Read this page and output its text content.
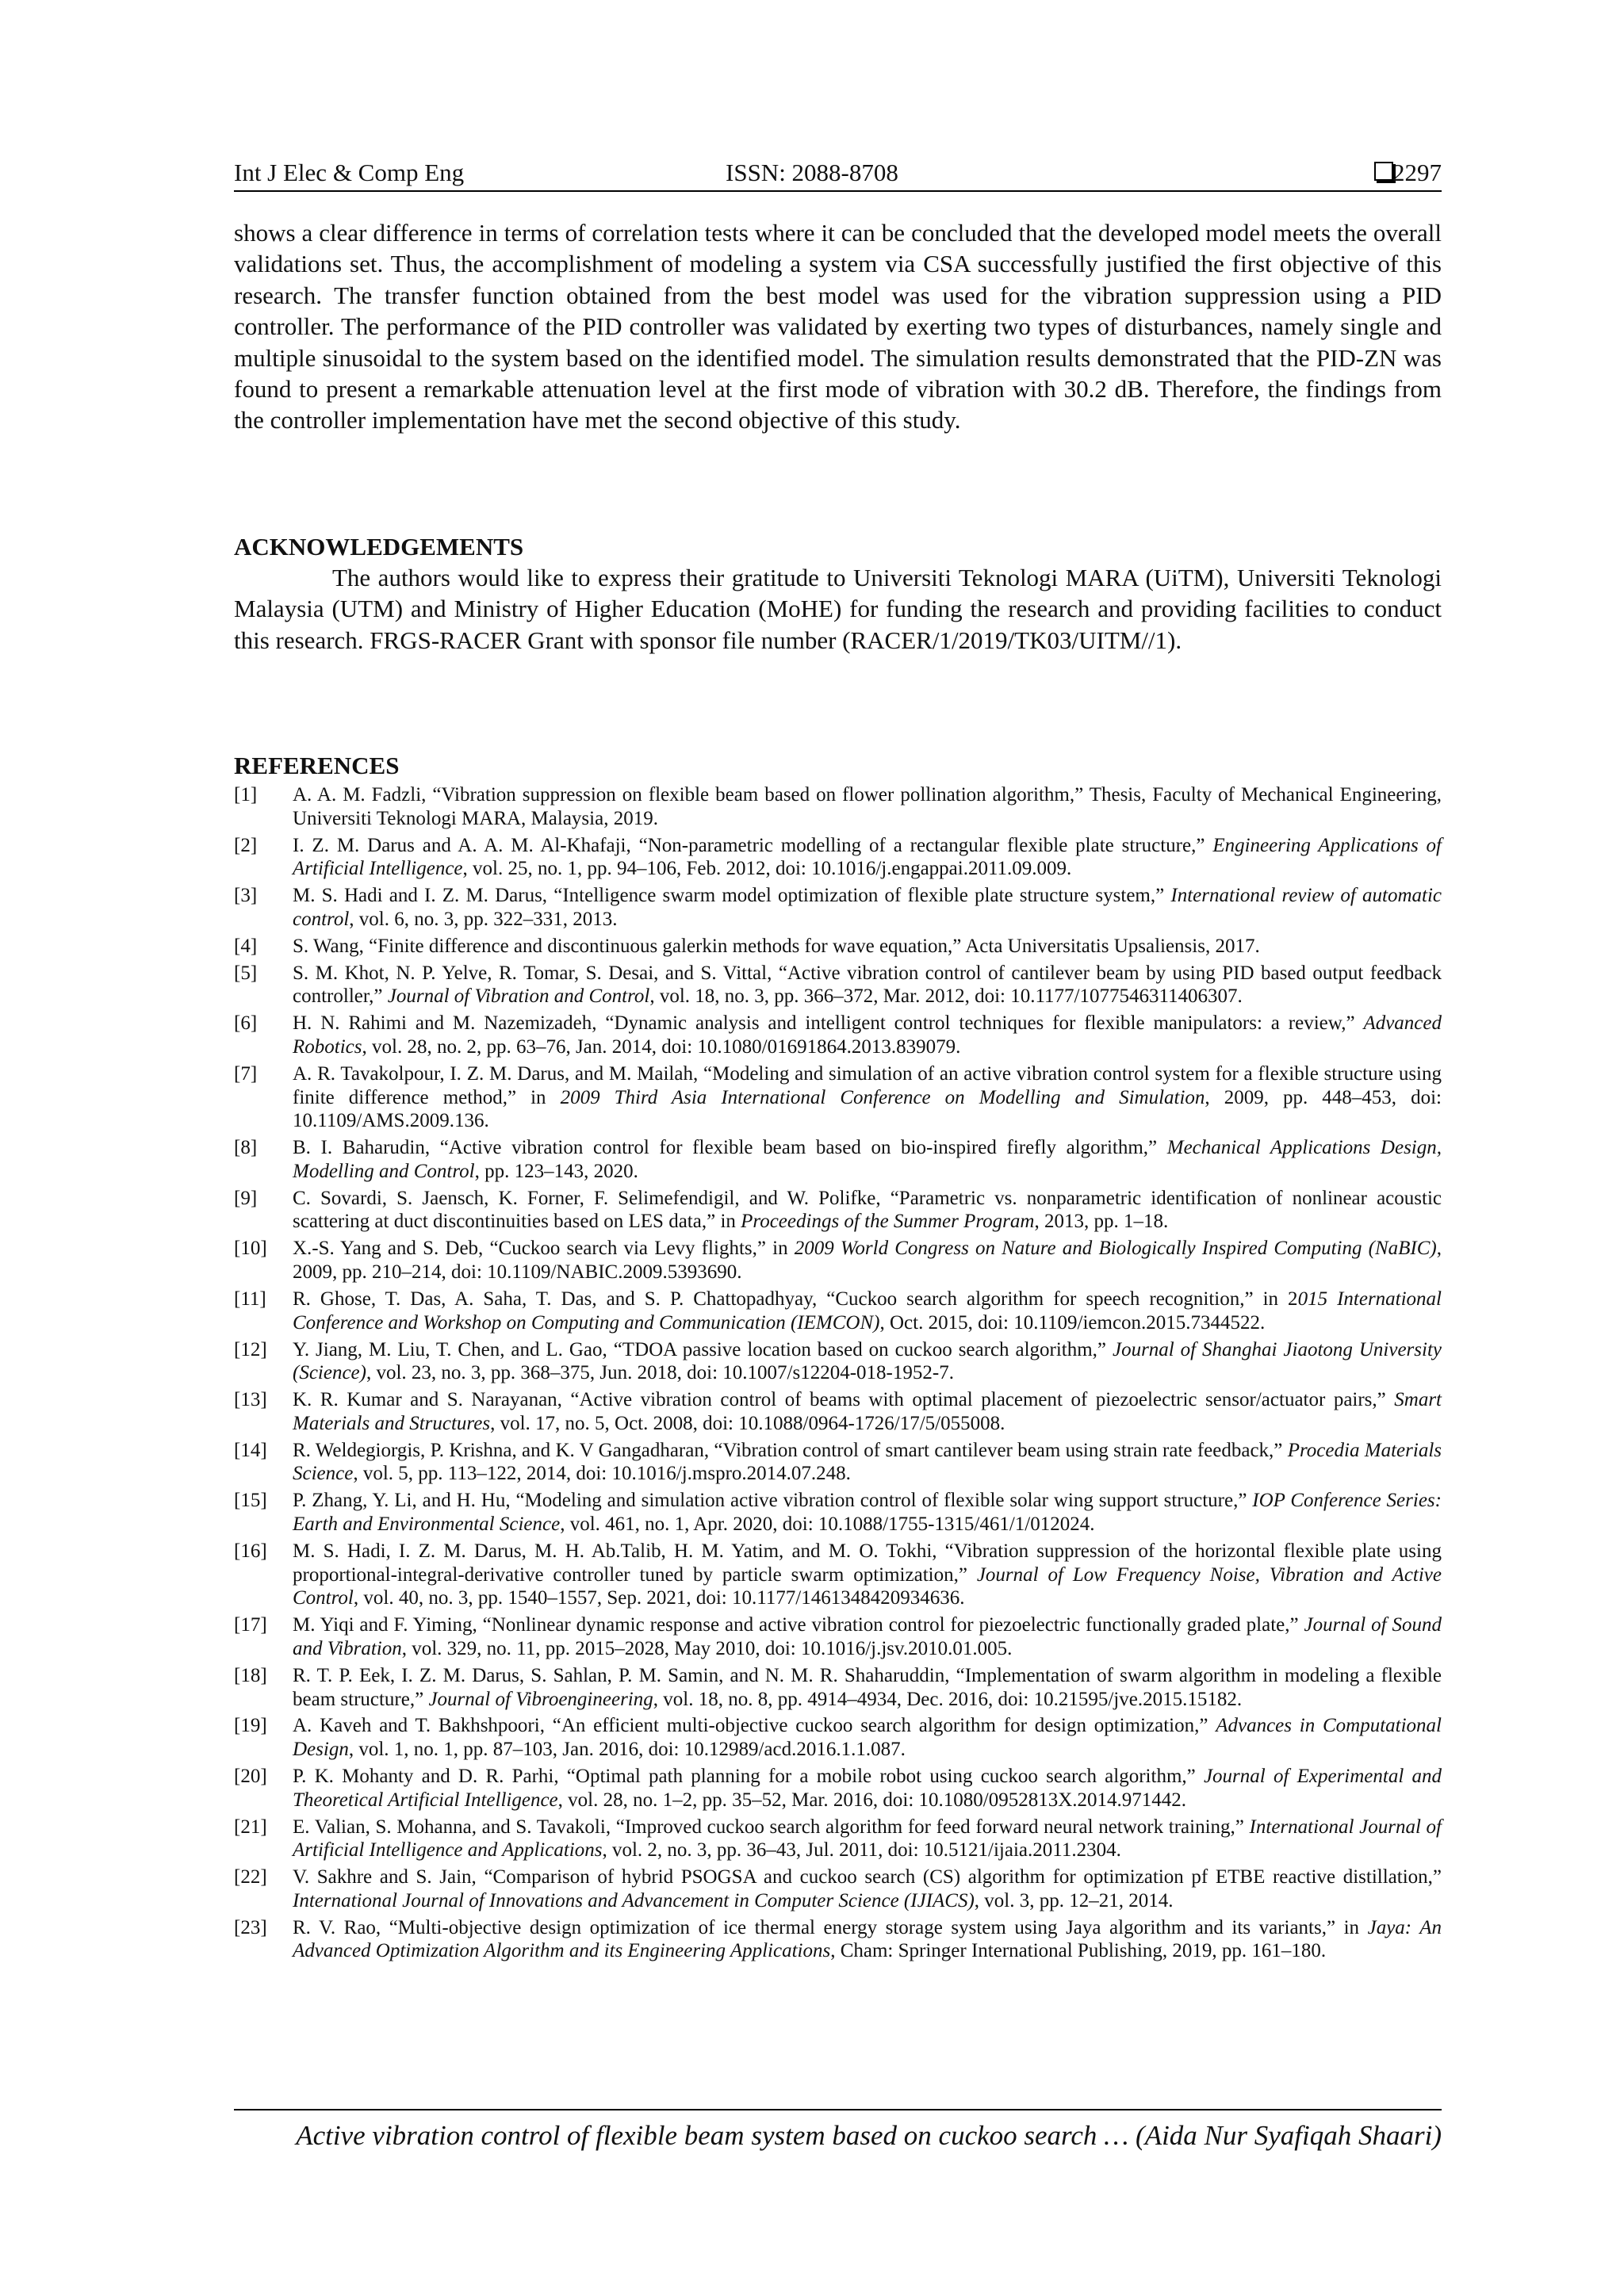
Int J Elec & Comp Eng	ISSN: 2088-8708	2297

shows a clear difference in terms of correlation tests where it can be concluded that the developed model meets the overall validations set. Thus, the accomplishment of modeling a system via CSA successfully justified the first objective of this research. The transfer function obtained from the best model was used for the vibration suppression using a PID controller. The performance of the PID controller was validated by exerting two types of disturbances, namely single and multiple sinusoidal to the system based on the identified model. The simulation results demonstrated that the PID-ZN was found to present a remarkable attenuation level at the first mode of vibration with 30.2 dB. Therefore, the findings from the controller implementation have met the second objective of this study.

ACKNOWLEDGEMENTS

The authors would like to express their gratitude to Universiti Teknologi MARA (UiTM), Universiti Teknologi Malaysia (UTM) and Ministry of Higher Education (MoHE) for funding the research and providing facilities to conduct this research. FRGS-RACER Grant with sponsor file number (RACER/1/2019/TK03/UITM//1).

REFERENCES
[1] A. A. M. Fadzli, “Vibration suppression on flexible beam based on flower pollination algorithm,” Thesis, Faculty of Mechanical Engineering, Universiti Teknologi MARA, Malaysia, 2019.
[2] I. Z. M. Darus and A. A. M. Al-Khafaji, “Non-parametric modelling of a rectangular flexible plate structure,” Engineering Applications of Artificial Intelligence, vol. 25, no. 1, pp. 94–106, Feb. 2012, doi: 10.1016/j.engappai.2011.09.009.
[3] M. S. Hadi and I. Z. M. Darus, “Intelligence swarm model optimization of flexible plate structure system,” International review of automatic control, vol. 6, no. 3, pp. 322–331, 2013.
[4] S. Wang, “Finite difference and discontinuous galerkin methods for wave equation,” Acta Universitatis Upsaliensis, 2017.
[5] S. M. Khot, N. P. Yelve, R. Tomar, S. Desai, and S. Vittal, “Active vibration control of cantilever beam by using PID based output feedback controller,” Journal of Vibration and Control, vol. 18, no. 3, pp. 366–372, Mar. 2012, doi: 10.1177/1077546311406307.
[6] H. N. Rahimi and M. Nazemizadeh, “Dynamic analysis and intelligent control techniques for flexible manipulators: a review,” Advanced Robotics, vol. 28, no. 2, pp. 63–76, Jan. 2014, doi: 10.1080/01691864.2013.839079.
[7] A. R. Tavakolpour, I. Z. M. Darus, and M. Mailah, “Modeling and simulation of an active vibration control system for a flexible structure using finite difference method,” in 2009 Third Asia International Conference on Modelling and Simulation, 2009, pp. 448–453, doi: 10.1109/AMS.2009.136.
[8] B. I. Baharudin, “Active vibration control for flexible beam based on bio-inspired firefly algorithm,” Mechanical Applications Design, Modelling and Control, pp. 123–143, 2020.
[9] C. Sovardi, S. Jaensch, K. Forner, F. Selimefendigil, and W. Polifke, “Parametric vs. nonparametric identification of nonlinear acoustic scattering at duct discontinuities based on LES data,” in Proceedings of the Summer Program, 2013, pp. 1–18.
[10] X.-S. Yang and S. Deb, “Cuckoo search via Levy flights,” in 2009 World Congress on Nature and Biologically Inspired Computing (NaBIC), 2009, pp. 210–214, doi: 10.1109/NABIC.2009.5393690.
[11] R. Ghose, T. Das, A. Saha, T. Das, and S. P. Chattopadhyay, “Cuckoo search algorithm for speech recognition,” in 2015 International Conference and Workshop on Computing and Communication (IEMCON), Oct. 2015, doi: 10.1109/iemcon.2015.7344522.
[12] Y. Jiang, M. Liu, T. Chen, and L. Gao, “TDOA passive location based on cuckoo search algorithm,” Journal of Shanghai Jiaotong University (Science), vol. 23, no. 3, pp. 368–375, Jun. 2018, doi: 10.1007/s12204-018-1952-7.
[13] K. R. Kumar and S. Narayanan, “Active vibration control of beams with optimal placement of piezoelectric sensor/actuator pairs,” Smart Materials and Structures, vol. 17, no. 5, Oct. 2008, doi: 10.1088/0964-1726/17/5/055008.
[14] R. Weldegiorgis, P. Krishna, and K. V Gangadharan, “Vibration control of smart cantilever beam using strain rate feedback,” Procedia Materials Science, vol. 5, pp. 113–122, 2014, doi: 10.1016/j.mspro.2014.07.248.
[15] P. Zhang, Y. Li, and H. Hu, “Modeling and simulation active vibration control of flexible solar wing support structure,” IOP Conference Series: Earth and Environmental Science, vol. 461, no. 1, Apr. 2020, doi: 10.1088/1755-1315/461/1/012024.
[16] M. S. Hadi, I. Z. M. Darus, M. H. Ab.Talib, H. M. Yatim, and M. O. Tokhi, “Vibration suppression of the horizontal flexible plate using proportional-integral-derivative controller tuned by particle swarm optimization,” Journal of Low Frequency Noise, Vibration and Active Control, vol. 40, no. 3, pp. 1540–1557, Sep. 2021, doi: 10.1177/1461348420934636.
[17] M. Yiqi and F. Yiming, “Nonlinear dynamic response and active vibration control for piezoelectric functionally graded plate,” Journal of Sound and Vibration, vol. 329, no. 11, pp. 2015–2028, May 2010, doi: 10.1016/j.jsv.2010.01.005.
[18] R. T. P. Eek, I. Z. M. Darus, S. Sahlan, P. M. Samin, and N. M. R. Shaharuddin, “Implementation of swarm algorithm in modeling a flexible beam structure,” Journal of Vibroengineering, vol. 18, no. 8, pp. 4914–4934, Dec. 2016, doi: 10.21595/jve.2015.15182.
[19] A. Kaveh and T. Bakhshpoori, “An efficient multi-objective cuckoo search algorithm for design optimization,” Advances in Computational Design, vol. 1, no. 1, pp. 87–103, Jan. 2016, doi: 10.12989/acd.2016.1.1.087.
[20] P. K. Mohanty and D. R. Parhi, “Optimal path planning for a mobile robot using cuckoo search algorithm,” Journal of Experimental and Theoretical Artificial Intelligence, vol. 28, no. 1–2, pp. 35–52, Mar. 2016, doi: 10.1080/0952813X.2014.971442.
[21] E. Valian, S. Mohanna, and S. Tavakoli, “Improved cuckoo search algorithm for feed forward neural network training,” International Journal of Artificial Intelligence and Applications, vol. 2, no. 3, pp. 36–43, Jul. 2011, doi: 10.5121/ijaia.2011.2304.
[22] V. Sakhre and S. Jain, “Comparison of hybrid PSOGSA and cuckoo search (CS) algorithm for optimization pf ETBE reactive distillation,” International Journal of Innovations and Advancement in Computer Science (IJIACS), vol. 3, pp. 12–21, 2014.
[23] R. V. Rao, “Multi-objective design optimization of ice thermal energy storage system using Jaya algorithm and its variants,” in Jaya: An Advanced Optimization Algorithm and its Engineering Applications, Cham: Springer International Publishing, 2019, pp. 161–180.
Active vibration control of flexible beam system based on cuckoo search … (Aida Nur Syafiqah Shaari)
